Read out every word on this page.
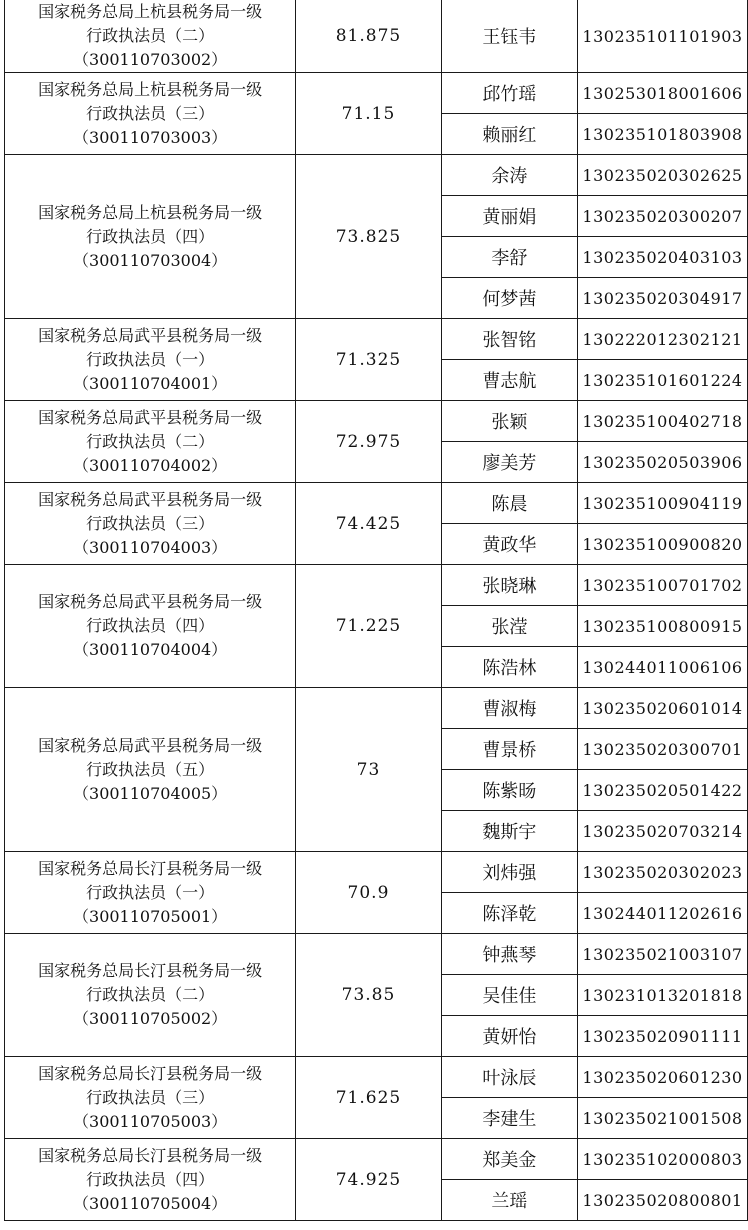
国家税务总局上杭县税务局一级
行政执法员（二）
（300110703002）	81.875	王钰韦	130235101101903

国家税务总局上杭县税务局一级
行政执法员（三）
（300110703003）	71.15	邱竹瑶	130253018001606
		赖丽红	130235101803908

国家税务总局上杭县税务局一级
行政执法员（四）
（300110703004）	73.825	余涛	130235020302625
		黄丽娟	130235020300207
		李舒	130235020403103
		何梦茜	130235020304917

国家税务总局武平县税务局一级
行政执法员（一）
（300110704001）	71.325	张智铭	130222012302121
		曹志航	130235101601224

国家税务总局武平县税务局一级
行政执法员（二）
（300110704002）	72.975	张颖	130235100402718
		廖美芳	130235020503906

国家税务总局武平县税务局一级
行政执法员（三）
（300110704003）	74.425	陈晨	130235100904119
		黄政华	130235100900820

国家税务总局武平县税务局一级
行政执法员（四）
（300110704004）	71.225	张晓琳	130235100701702
		张滢	130235100800915
		陈浩林	130244011006106

国家税务总局武平县税务局一级
行政执法员（五）
（300110704005）	73	曹淑梅	130235020601014
		曹景桥	130235020300701
		陈紫旸	130235020501422
		魏斯宇	130235020703214

国家税务总局长汀县税务局一级
行政执法员（一）
（300110705001）	70.9	刘炜强	130235020302023
		陈泽乾	130244011202616

国家税务总局长汀县税务局一级
行政执法员（二）
（300110705002）	73.85	钟燕琴	130235021003107
		吴佳佳	130231013201818
		黄妍怡	130235020901111

国家税务总局长汀县税务局一级
行政执法员（三）
（300110705003）	71.625	叶泳辰	130235020601230
		李建生	130235021001508

国家税务总局长汀县税务局一级
行政执法员（四）
（300110705004）	74.925	郑美金	130235102000803
		兰瑶	130235020800801
